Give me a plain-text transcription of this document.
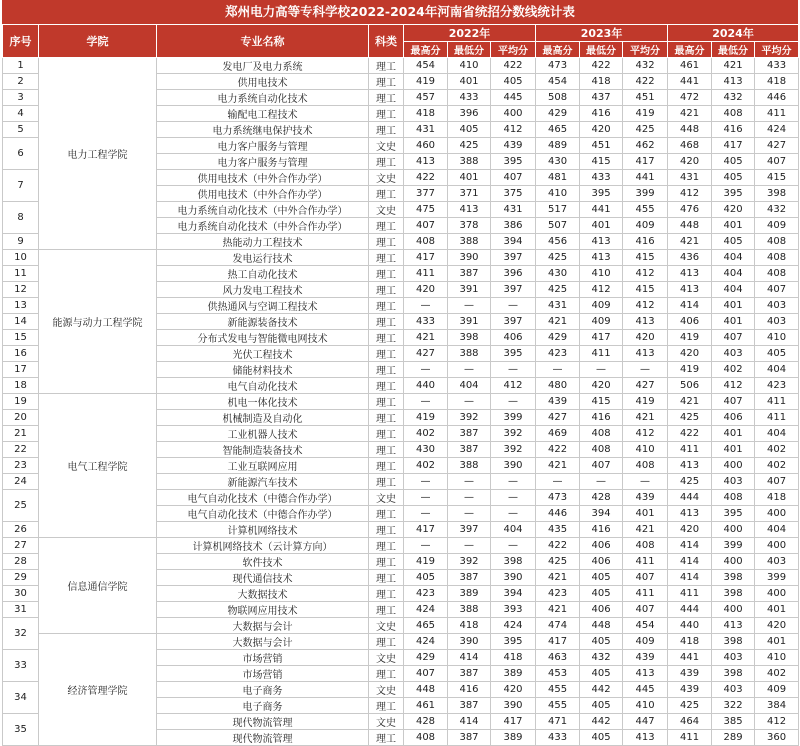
郑州电力高等专科学校2022-2024年河南省统招分数线统计表
序号	学院	专业名称	科类	2022年			2023年			2024年		
				最高分	最低分	平均分	最高分	最低分	平均分	最高分	最低分	平均分
1	电力工程学院	发电厂及电力系统	理工	454	410	422	473	422	432	461	421	433
2		供用电技术	理工	419	401	405	454	418	422	441	413	418
3		电力系统自动化技术	理工	457	433	445	508	437	451	472	432	446
4		输配电工程技术	理工	418	396	400	429	416	419	421	408	411
5		电力系统继电保护技术	理工	431	405	412	465	420	425	448	416	424
6		电力客户服务与管理	文史	460	425	439	489	451	462	468	417	427
		电力客户服务与管理	理工	413	388	395	430	415	417	420	405	407
7		供用电技术（中外合作办学）	文史	422	401	407	481	433	441	431	405	415
		供用电技术（中外合作办学）	理工	377	371	375	410	395	399	412	395	398
8		电力系统自动化技术（中外合作办学）	文史	475	413	431	517	441	455	476	420	432
		电力系统自动化技术（中外合作办学）	理工	407	378	386	507	401	409	448	401	409
9		热能动力工程技术	理工	408	388	394	456	413	416	421	405	408
10	能源与动力工程学院	发电运行技术	理工	417	390	397	425	413	415	436	404	408
11		热工自动化技术	理工	411	387	396	430	410	412	413	404	408
12		风力发电工程技术	理工	420	391	397	425	412	415	413	404	407
13		供热通风与空调工程技术	理工	—	—	—	431	409	412	414	401	403
14		新能源装备技术	理工	433	391	397	421	409	413	406	401	403
15		分布式发电与智能微电网技术	理工	421	398	406	429	417	420	419	407	410
16		光伏工程技术	理工	427	388	395	423	411	413	420	403	405
17		储能材料技术	理工	—	—	—	—	—	—	419	402	404
18		电气自动化技术	理工	440	404	412	480	420	427	506	412	423
19	电气工程学院	机电一体化技术	理工	—	—	—	439	415	419	421	407	411
20		机械制造及自动化	理工	419	392	399	427	416	421	425	406	411
21		工业机器人技术	理工	402	387	392	469	408	412	422	401	404
22		智能制造装备技术	理工	430	387	392	422	408	410	411	401	402
23		工业互联网应用	理工	402	388	390	421	407	408	413	400	402
24		新能源汽车技术	理工	—	—	—	—	—	—	425	403	407
25		电气自动化技术（中德合作办学）	文史	—	—	—	473	428	439	444	408	418
		电气自动化技术（中德合作办学）	理工	—	—	—	446	394	401	413	395	400
26		计算机网络技术	理工	417	397	404	435	416	421	420	400	404
27	信息通信学院	计算机网络技术（云计算方向）	理工	—	—	—	422	406	408	414	399	400
28		软件技术	理工	419	392	398	425	406	411	414	400	403
29		现代通信技术	理工	405	387	390	421	405	407	414	398	399
30		大数据技术	理工	423	389	394	423	405	411	411	398	400
31		物联网应用技术	理工	424	388	393	421	406	407	444	400	401
32		大数据与会计	文史	465	418	424	474	448	454	440	413	420
	经济管理学院	大数据与会计	理工	424	390	395	417	405	409	418	398	401
33		市场营销	文史	429	414	418	463	432	439	441	403	410
		市场营销	理工	407	387	389	453	405	413	439	398	402
34		电子商务	文史	448	416	420	455	442	445	439	403	409
		电子商务	理工	461	387	390	455	405	410	425	322	384
35		现代物流管理	文史	428	414	417	471	442	447	464	385	412
		现代物流管理	理工	408	387	389	433	405	413	411	289	360
